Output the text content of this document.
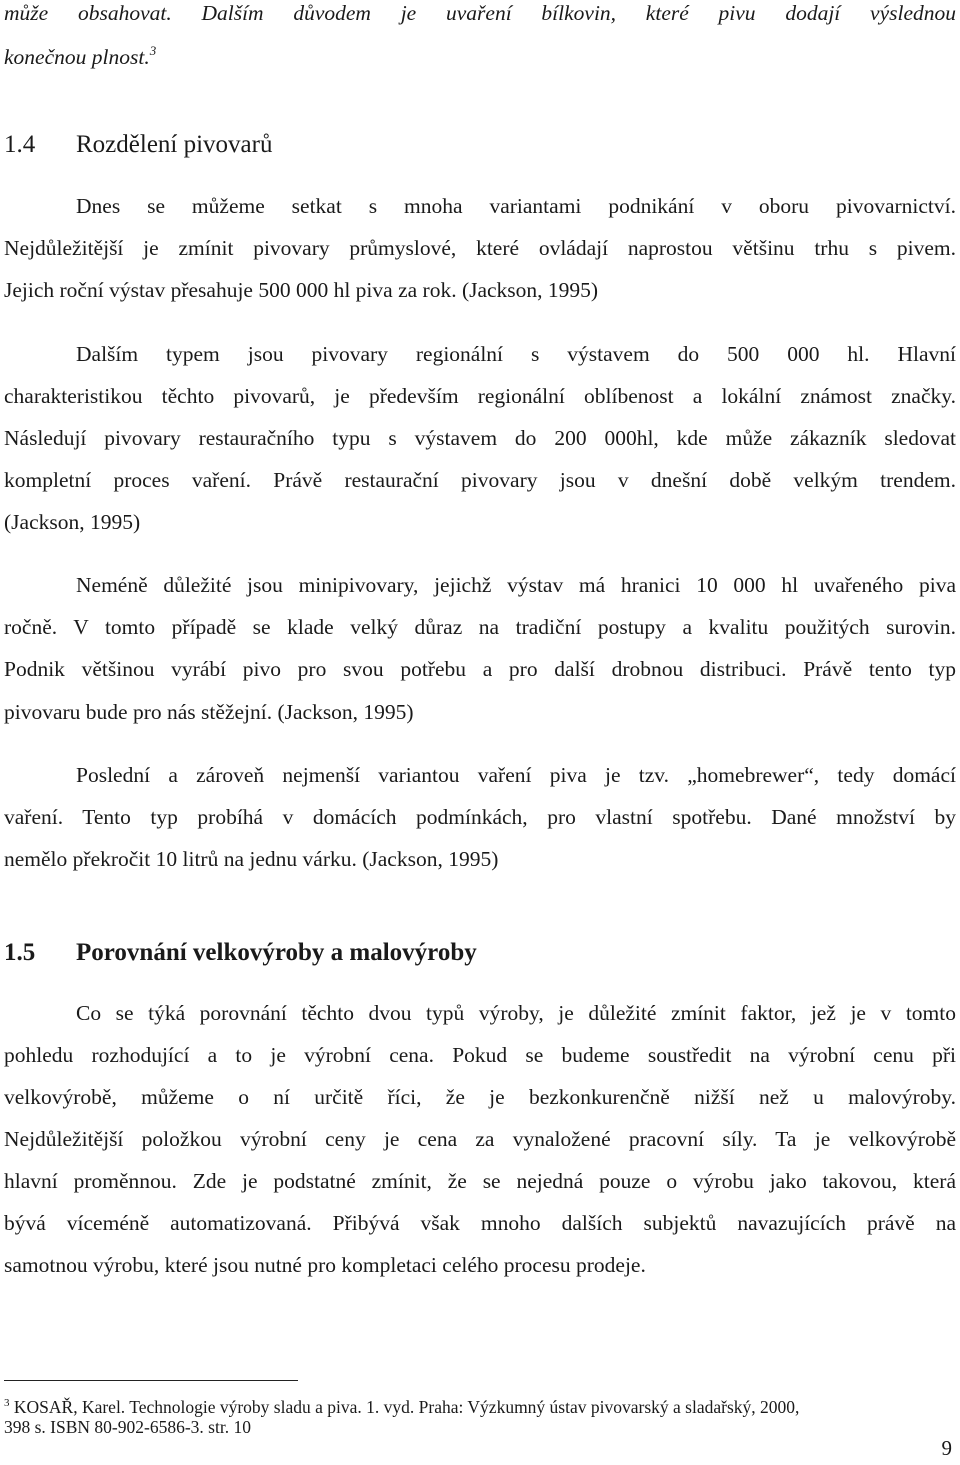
může obsahovat. Dalším důvodem je uvaření bílkovin, které pivu dodají výslednou
konečnou plnost.$^3$
1.4 Rozdělení pivovarů
Dnes se můžeme setkat s mnoha variantami podnikání v oboru pivovarnictví.
Nejdůležitější je zmínit pivovary průmyslové, které ovládají naprostou většinu trhu s pivem.
Jejich roční výstav přesahuje 500 000 hl piva za rok. (Jackson, 1995)
Dalším typem jsou pivovary regionální s výstavem do 500 000 hl. Hlavní
charakteristikou těchto pivovarů, je především regionální oblíbenost a lokální známost značky.
Následují pivovary restauračního typu s výstavem do 200 000hl, kde může zákazník sledovat
kompletní proces vaření. Právě restaurační pivovary jsou v dnešní době velkým trendem.
(Jackson, 1995)
Neméně důležité jsou minipivovary, jejichž výstav má hranici 10 000 hl uvařeného piva
ročně. V tomto případě se klade velký důraz na tradiční postupy a kvalitu použitých surovin.
Podnik většinou vyrábí pivo pro svou potřebu a pro další drobnou distribuci. Právě tento typ
pivovaru bude pro nás stěžejní. (Jackson, 1995)
Poslední a zároveň nejmenší variantou vaření piva je tzv. „homebrewer“, tedy domácí
vaření. Tento typ probíhá v domácích podmínkách, pro vlastní spotřebu. Dané množství by
nemělo překročit 10 litrů na jednu várku. (Jackson, 1995)
1.5 Porovnání velkovýroby a malovýroby
Co se týká porovnání těchto dvou typů výroby, je důležité zmínit faktor, jež je v tomto
pohledu rozhodující a to je výrobní cena. Pokud se budeme soustředit na výrobní cenu při
velkovýrobě, můžeme o ní určitě říci, že je bezkonkurenčně nižší než u malovýroby.
Nejdůležitější položkou výrobní ceny je cena za vynaložené pracovní síly. Ta je velkovýrobě
hlavní proměnnou. Zde je podstatné zmínit, že se nejedná pouze o výrobu jako takovou, která
bývá víceméně automatizovaná. Přibývá však mnoho dalších subjektů navazujících právě na
samotnou výrobu, které jsou nutné pro kompletaci celého procesu prodeje.
$^3$ KOSAŘ, Karel. Technologie výroby sladu a piva. 1. vyd. Praha: Výzkumný ústav pivovarský a sladařský, 2000,
398 s. ISBN 80-902-6586-3. str. 10
9
